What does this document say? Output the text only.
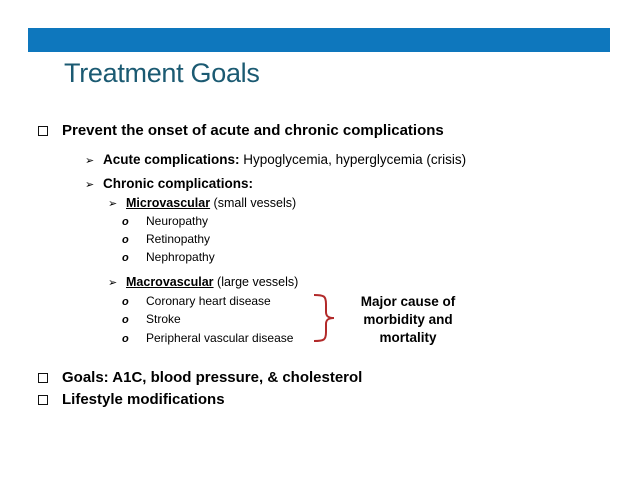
Treatment Goals
Prevent the onset of acute and chronic complications
➢ Acute complications: Hypoglycemia, hyperglycemia (crisis)
➢ Chronic complications:
➢ Microvascular (small vessels)
o Neuropathy
o Retinopathy
o Nephropathy
➢ Macrovascular (large vessels)
o Coronary heart disease
o Stroke
o Peripheral vascular disease
Major cause of
morbidity and
mortality
Goals: A1C, blood pressure, & cholesterol
Lifestyle modifications
